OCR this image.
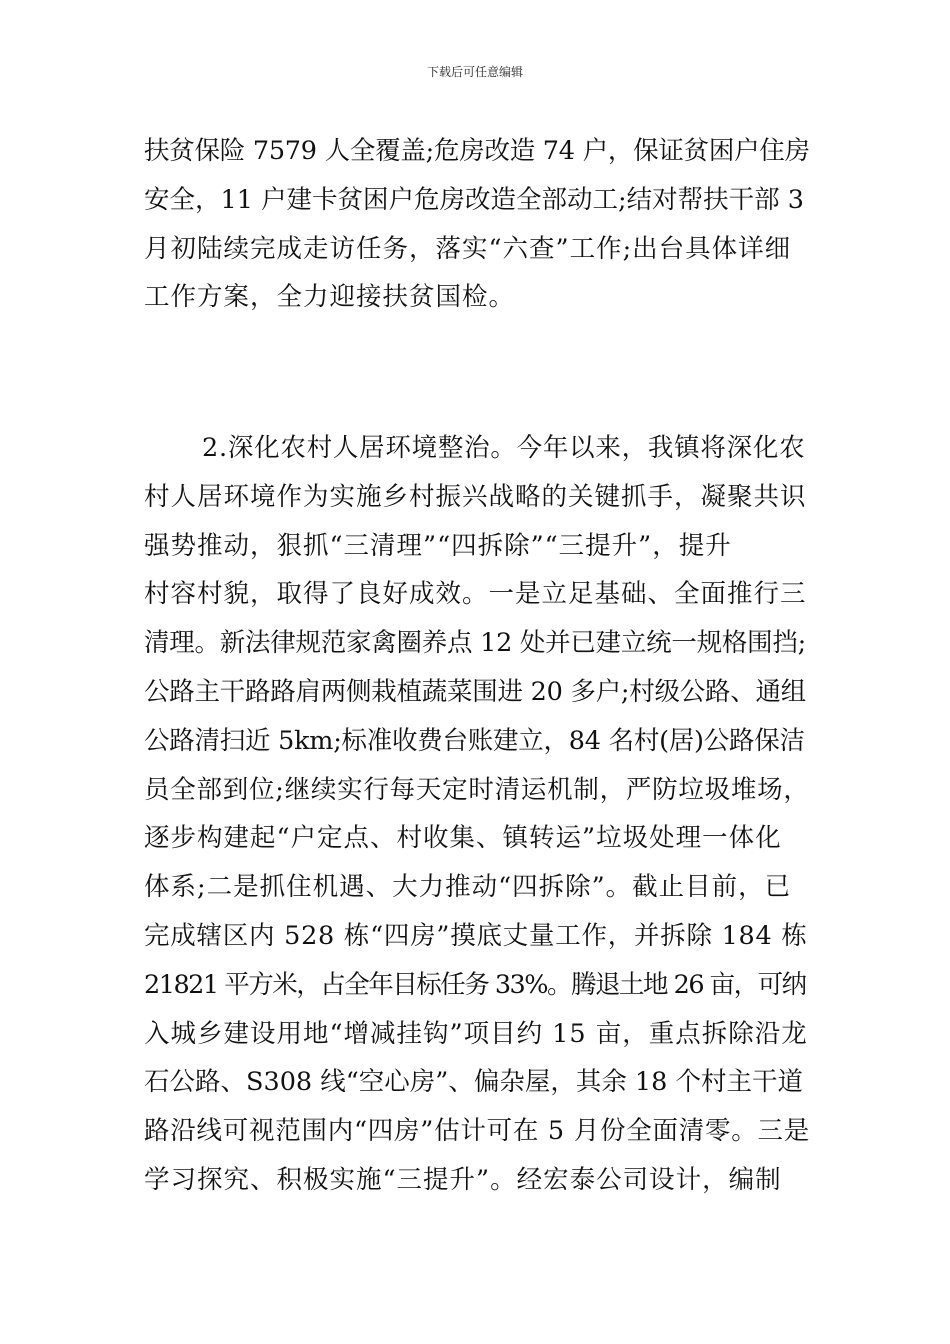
下载后可任意编辑
扶贫保险 7579 人全覆盖;危房改造 74 户，保证贫困户住房
安全，11 户建卡贫困户危房改造全部动工;结对帮扶干部 3
月初陆续完成走访任务，落实“六查”工作;出台具体详细
工作方案，全力迎接扶贫国检。
2.深化农村人居环境整治。今年以来，我镇将深化农
村人居环境作为实施乡村振兴战略的关键抓手，凝聚共识
强势推动，狠抓“三清理”“四拆除”“三提升”，提升
村容村貌，取得了良好成效。一是立足基础、全面推行三
清理。新法律规范家禽圈养点 12 处并已建立统一规格围挡;
公路主干路路肩两侧栽植蔬菜围进 20 多户;村级公路、通组
公路清扫近 5km;标准收费台账建立，84 名村(居)公路保洁
员全部到位;继续实行每天定时清运机制，严防垃圾堆场，
逐步构建起“户定点、村收集、镇转运”垃圾处理一体化
体系;二是抓住机遇、大力推动“四拆除”。截止目前，已
完成辖区内 528 栋“四房”摸底丈量工作，并拆除 184 栋
21821 平方米，占全年目标任务 33%。腾退土地 26 亩，可纳
入城乡建设用地“增减挂钩”项目约 15 亩，重点拆除沿龙
石公路、S308 线“空心房”、偏杂屋，其余 18 个村主干道
路沿线可视范围内“四房”估计可在 5 月份全面清零。三是
学习探究、积极实施“三提升”。经宏泰公司设计，编制
